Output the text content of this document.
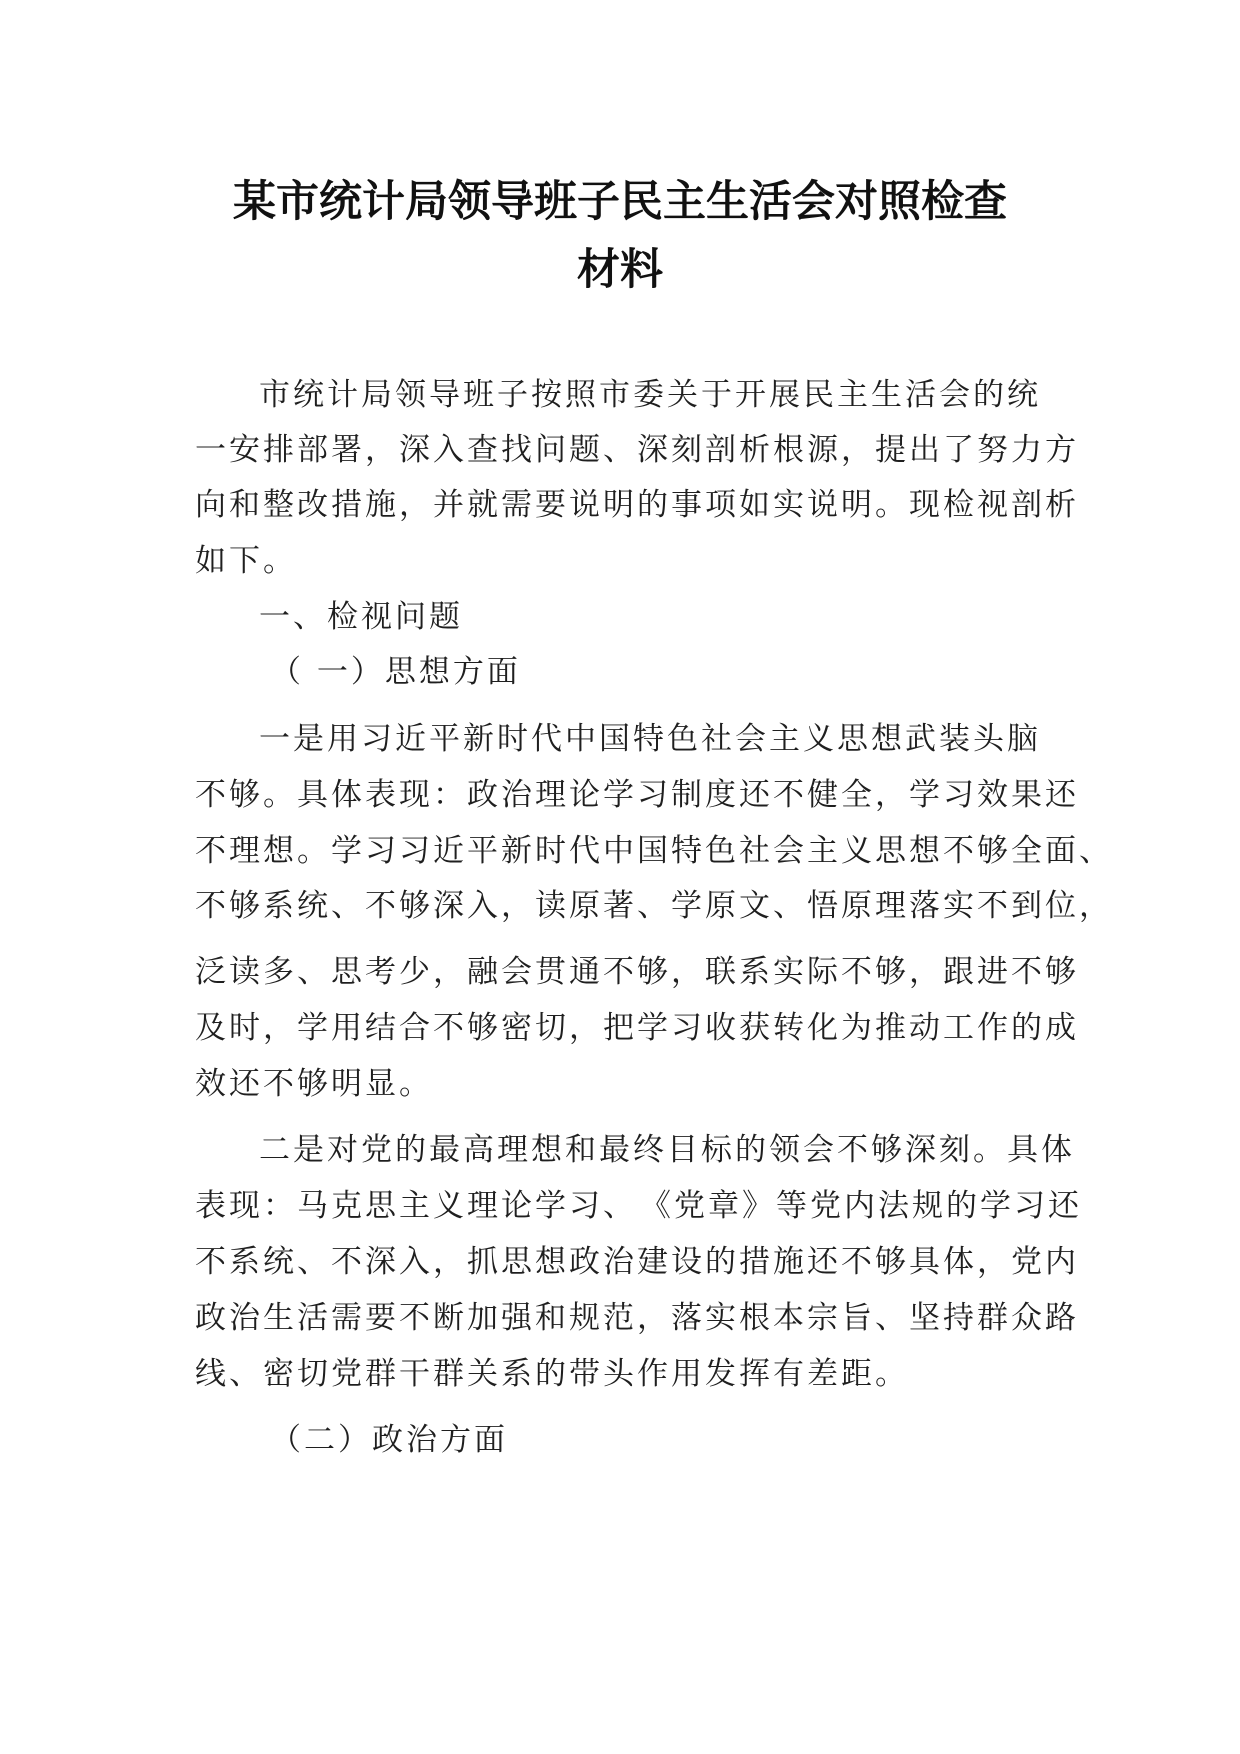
某市统计局领导班子民主生活会对照检查
材料
市统计局领导班子按照市委关于开展民主生活会的统
一安排部署，深入查找问题、深刻剖析根源，提出了努力方
向和整改措施，并就需要说明的事项如实说明。现检视剖析
如下。
一、检视问题
（ 一）思想方面
一是用习近平新时代中国特色社会主义思想武装头脑
不够。具体表现：政治理论学习制度还不健全，学习效果还
不理想。学习习近平新时代中国特色社会主义思想不够全面、
不够系统、不够深入，读原著、学原文、悟原理落实不到位，
泛读多、思考少，融会贯通不够，联系实际不够，跟进不够
及时，学用结合不够密切，把学习收获转化为推动工作的成
效还不够明显。
二是对党的最高理想和最终目标的领会不够深刻。具体
表现：马克思主义理论学习、　《党章》等党内法规的学习还
不系统、不深入，抓思想政治建设的措施还不够具体，党内
政治生活需要不断加强和规范，落实根本宗旨、坚持群众路
线、密切党群干群关系的带头作用发挥有差距。
（二）政治方面
